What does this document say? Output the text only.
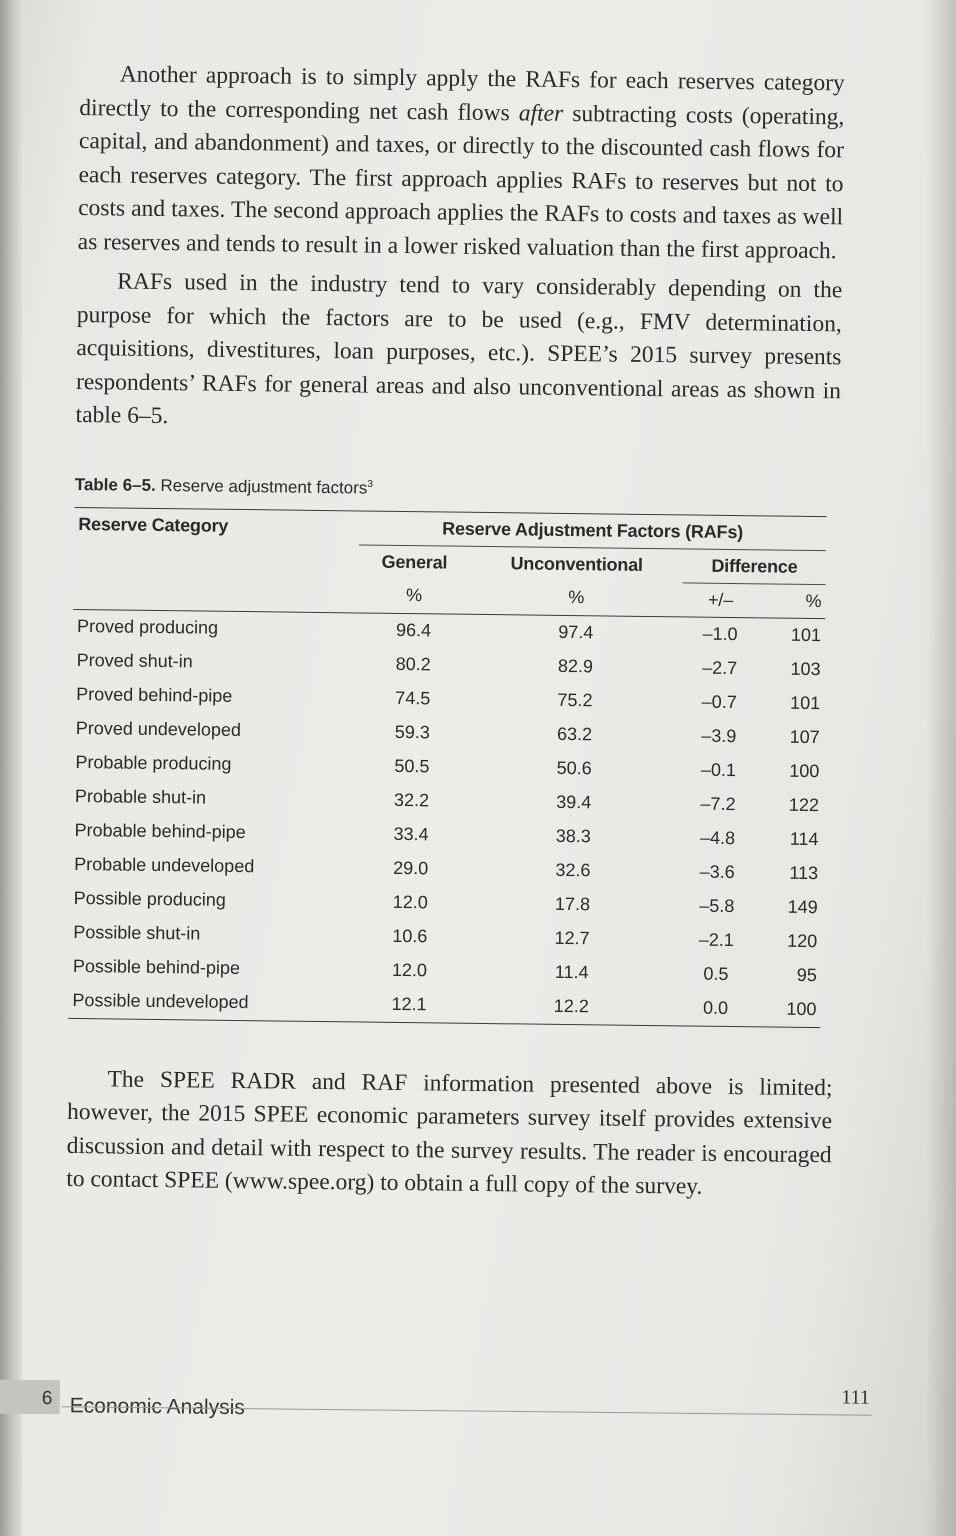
Another approach is to simply apply the RAFs for each reserves category directly to the corresponding net cash flows after subtracting costs (operating, capital, and abandonment) and taxes, or directly to the discounted cash flows for each reserves category. The first approach applies RAFs to reserves but not to costs and taxes. The second approach applies the RAFs to costs and taxes as well as reserves and tends to result in a lower risked valuation than the first approach.

RAFs used in the industry tend to vary considerably depending on the purpose for which the factors are to be used (e.g., FMV determination, acquisitions, divestitures, loan purposes, etc.). SPEE’s 2015 survey presents respondents’ RAFs for general areas and also unconventional areas as shown in table 6–5.

Table 6–5. Reserve adjustment factors$^3$
Reserve Category	Reserve Adjustment Factors (RAFs)			
	General	Unconventional	Difference	
	%	%	+/–	%

Proved producing	96.4	97.4	–1.0	101
Proved shut-in	80.2	82.9	–2.7	103
Proved behind-pipe	74.5	75.2	–0.7	101
Proved undeveloped	59.3	63.2	–3.9	107
Probable producing	50.5	50.6	–0.1	100
Probable shut-in	32.2	39.4	–7.2	122
Probable behind-pipe	33.4	38.3	–4.8	114
Probable undeveloped	29.0	32.6	–3.6	113
Possible producing	12.0	17.8	–5.8	149
Possible shut-in	10.6	12.7	–2.1	120
Possible behind-pipe	12.0	11.4	0.5	95
Possible undeveloped	12.1	12.2	0.0	100

The SPEE RADR and RAF information presented above is limited; however, the 2015 SPEE economic parameters survey itself provides extensive discussion and detail with respect to the survey results. The reader is encouraged to contact SPEE (www.spee.org) to obtain a full copy of the survey.

6 Economic Analysis	111
